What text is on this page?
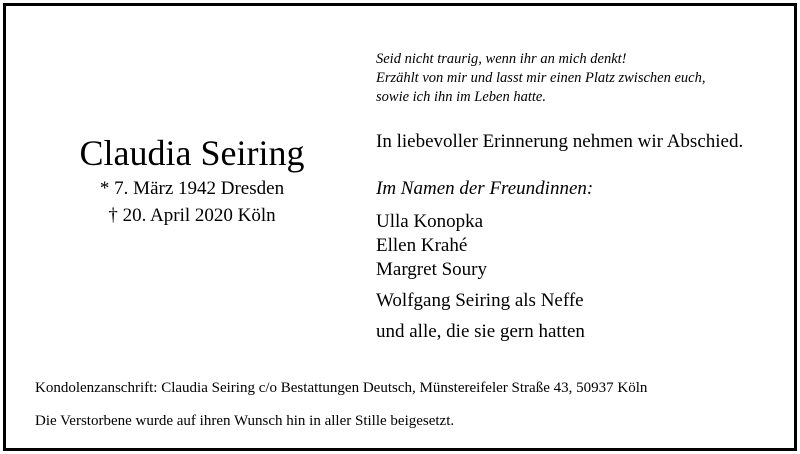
Seid nicht traurig, wenn ihr an mich denkt!
Erzählt von mir und lasst mir einen Platz zwischen euch,
sowie ich ihn im Leben hatte.
Claudia Seiring
* 7. März 1942 Dresden
† 20. April 2020 Köln
In liebevoller Erinnerung nehmen wir Abschied.
Im Namen der Freundinnen:
Ulla Konopka
Ellen Krahé
Margret Soury
Wolfgang Seiring als Neffe
und alle, die sie gern hatten
Kondolenzanschrift: Claudia Seiring c/o Bestattungen Deutsch, Münstereifeler Straße 43, 50937 Köln
Die Verstorbene wurde auf ihren Wunsch hin in aller Stille beigesetzt.
